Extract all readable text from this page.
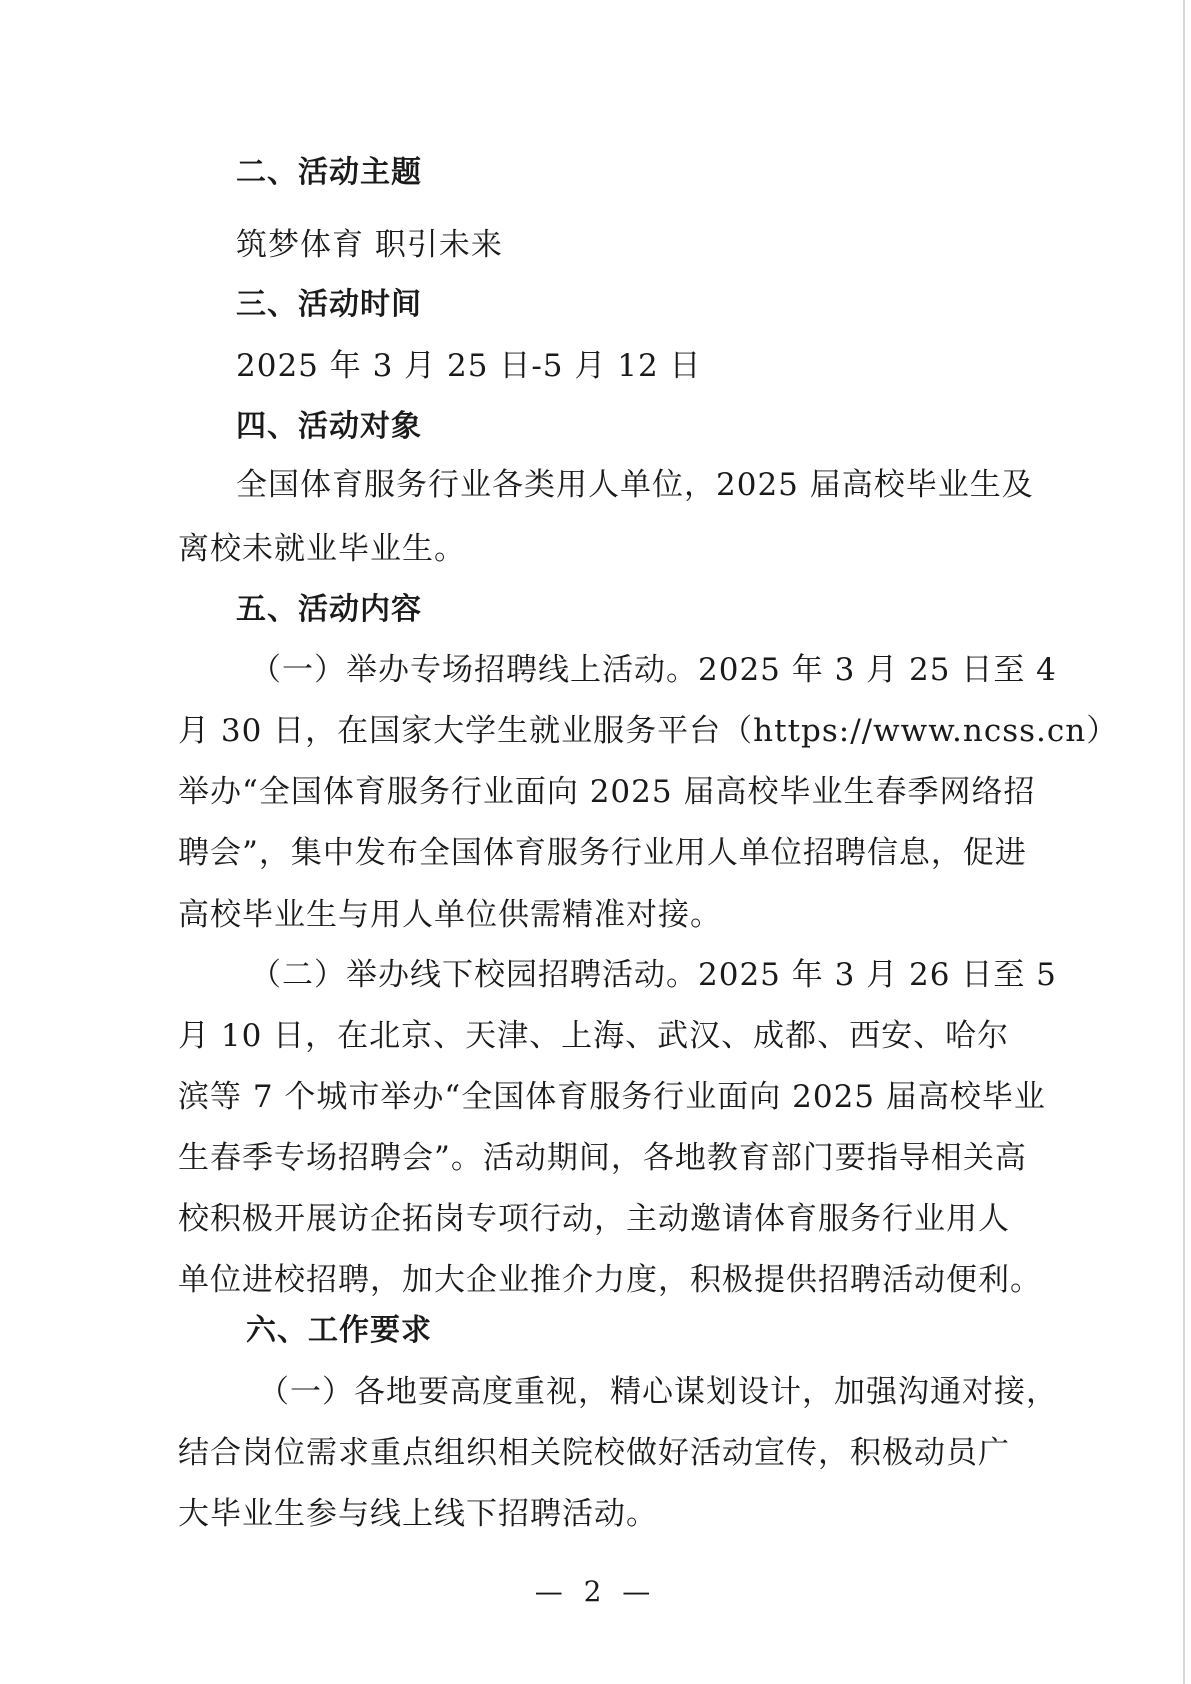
二、活动主题
筑梦体育 职引未来
三、活动时间
2025 年 3 月 25 日-5 月 12 日
四、活动对象
全国体育服务行业各类用人单位，2025 届高校毕业生及
离校未就业毕业生。
五、活动内容
（一）举办专场招聘线上活动。2025 年 3 月 25 日至 4
月 30 日，在国家大学生就业服务平台（https://www.ncss.cn）
举办“全国体育服务行业面向 2025 届高校毕业生春季网络招
聘会”，集中发布全国体育服务行业用人单位招聘信息，促进
高校毕业生与用人单位供需精准对接。
（二）举办线下校园招聘活动。2025 年 3 月 26 日至 5
月 10 日，在北京、天津、上海、武汉、成都、西安、哈尔
滨等 7 个城市举办“全国体育服务行业面向 2025 届高校毕业
生春季专场招聘会”。活动期间，各地教育部门要指导相关高
校积极开展访企拓岗专项行动，主动邀请体育服务行业用人
单位进校招聘，加大企业推介力度，积极提供招聘活动便利。
六、工作要求
（一）各地要高度重视，精心谋划设计，加强沟通对接，
结合岗位需求重点组织相关院校做好活动宣传，积极动员广
大毕业生参与线上线下招聘活动。
— 2 —
